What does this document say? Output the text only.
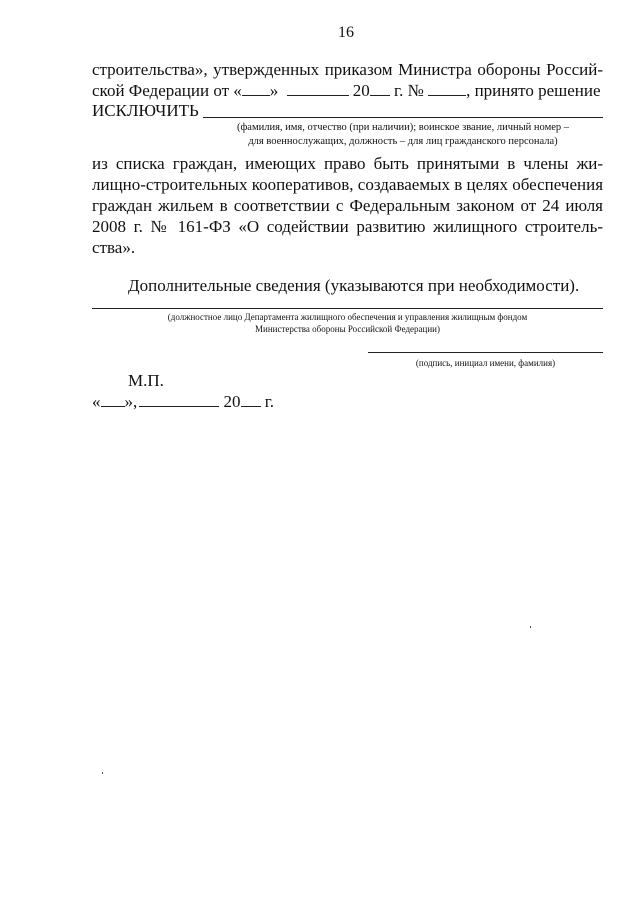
16
строительства», утвержденных приказом Министра обороны Россий-
ской Федерации от « »	20 г. № , принято решение
ИСКЛЮЧИТЬ
(фамилия, имя, отчество (при наличии); воинское звание, личный номер –
для военнослужащих, должность – для лиц гражданского персонала)
из списка граждан, имеющих право быть принятыми в члены жи-
лищно-строительных кооперативов, создаваемых в целях обеспечения
граждан жильем в соответствии с Федеральным законом от 24 июля
2008 г. № 161-ФЗ «О содействии развитию жилищного строитель-
ства».
Дополнительные сведения (указываются при необходимости).
(должностное лицо Департамента жилищного обеспечения и управления жилищным фондом
Министерства обороны Российской Федерации)
(подпись, инициал имени, фамилия)
М.П.
« »,	20 г.
